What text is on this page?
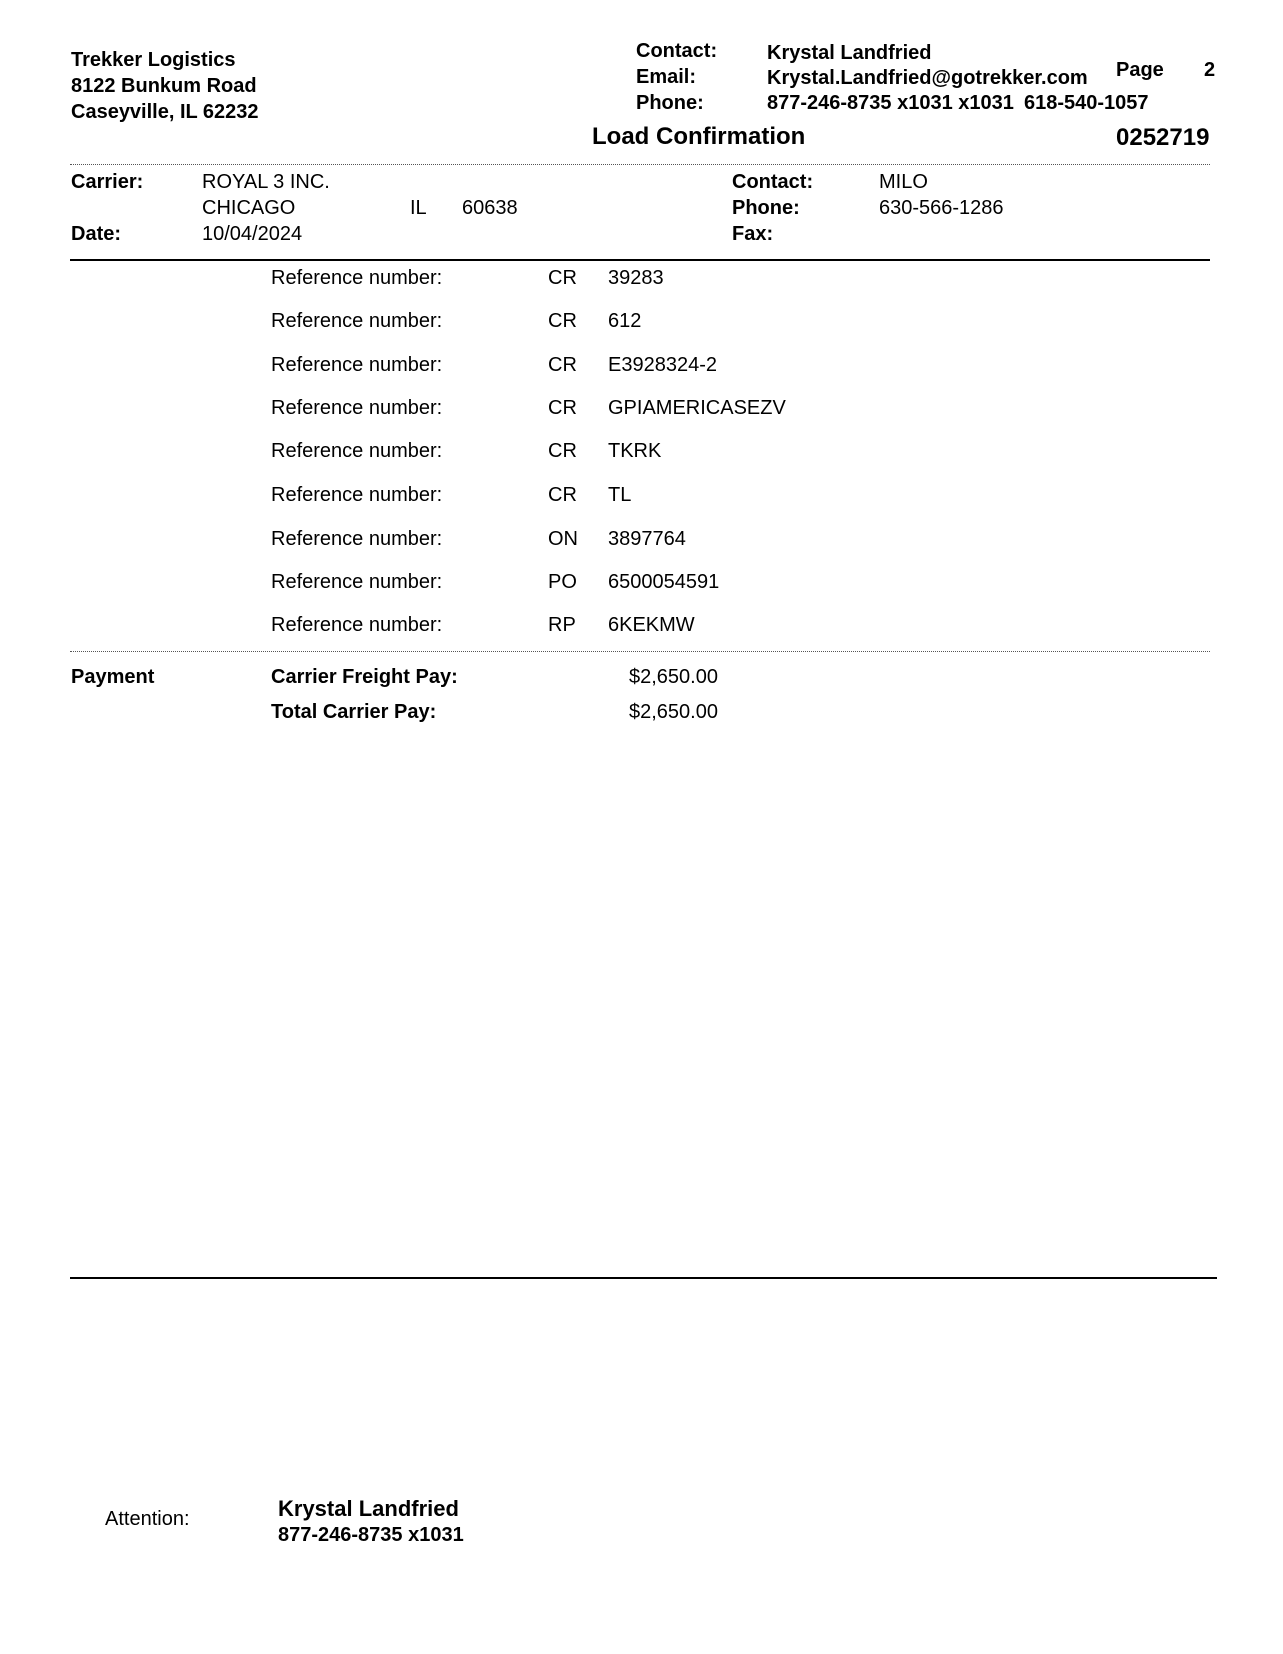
Trekker Logistics
8122 Bunkum Road
Caseyville, IL 62232
Contact: Krystal Landfried
Email:	Krystal.Landfried@gotrekker.com
Phone:	877-246-8735 x1031 x1031 618-540-1057
Page 2
Load Confirmation	0252719
Carrier:	ROYAL 3 INC.
CHICAGO	IL 60638
Date:	10/04/2024
Contact:	MILO
Phone:	630-566-1286
Fax:
Reference number:	CR 39283
Reference number:	CR 612
Reference number:	CR E3928324-2
Reference number:	CR GPIAMERICASEZV
Reference number:	CR TKRK
Reference number:	CR TL
Reference number:	ON 3897764
Reference number:	PO 6500054591
Reference number:	RP 6KEKMW
Payment	Carrier Freight Pay:	$2,650.00
Total Carrier Pay:	$2,650.00
Attention:	Krystal Landfried
877-246-8735 x1031
